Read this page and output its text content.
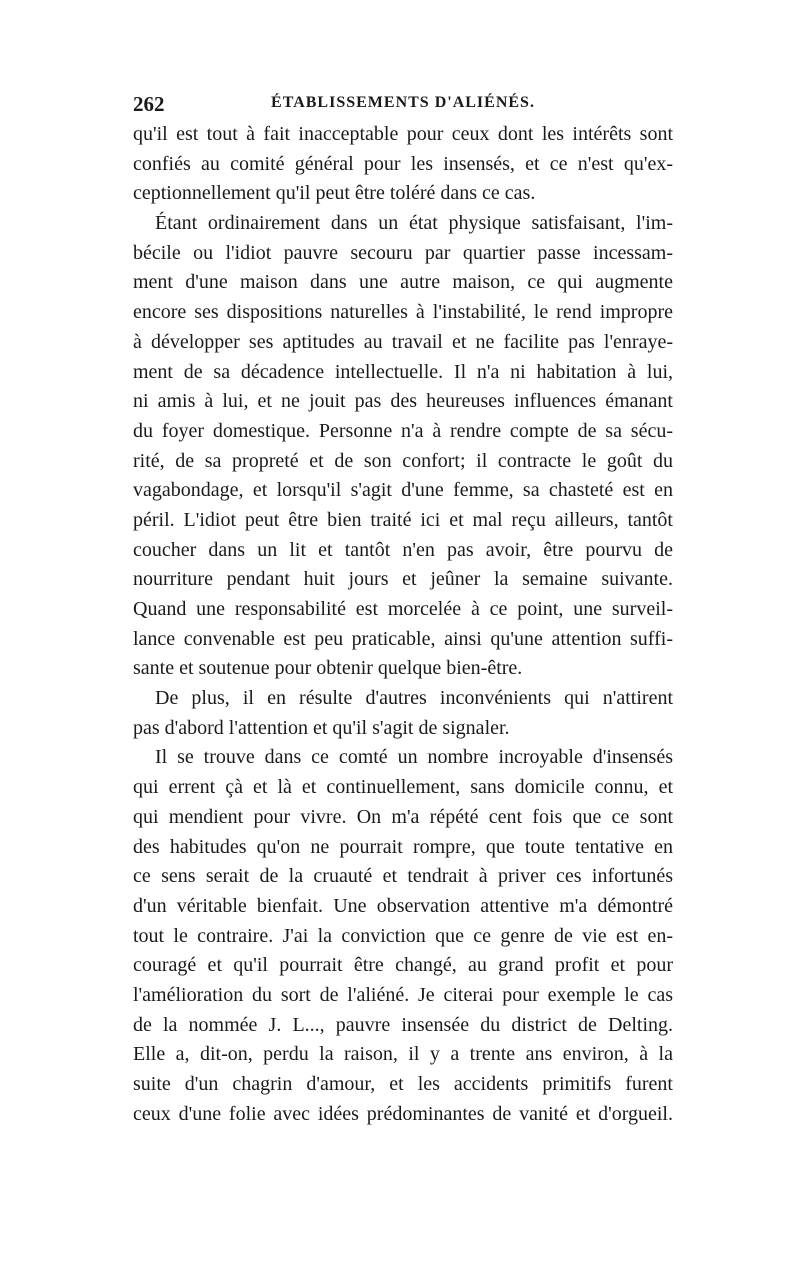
262	ÉTABLISSEMENTS D'ALIÉNÉS.
qu'il est tout à fait inacceptable pour ceux dont les intérêts sont
confiés au comité général pour les insensés, et ce n'est qu'ex-
ceptionnellement qu'il peut être toléré dans ce cas.
Étant ordinairement dans un état physique satisfaisant, l'im-
bécile ou l'idiot pauvre secouru par quartier passe incessam-
ment d'une maison dans une autre maison, ce qui augmente
encore ses dispositions naturelles à l'instabilité, le rend impropre
à développer ses aptitudes au travail et ne facilite pas l'enraye-
ment de sa décadence intellectuelle. Il n'a ni habitation à lui,
ni amis à lui, et ne jouit pas des heureuses influences émanant
du foyer domestique. Personne n'a à rendre compte de sa sécu-
rité, de sa propreté et de son confort; il contracte le goût du
vagabondage, et lorsqu'il s'agit d'une femme, sa chasteté est en
péril. L'idiot peut être bien traité ici et mal reçu ailleurs, tantôt
coucher dans un lit et tantôt n'en pas avoir, être pourvu de
nourriture pendant huit jours et jeûner la semaine suivante.
Quand une responsabilité est morcelée à ce point, une surveil-
lance convenable est peu praticable, ainsi qu'une attention suffi-
sante et soutenue pour obtenir quelque bien-être.
De plus, il en résulte d'autres inconvénients qui n'attirent
pas d'abord l'attention et qu'il s'agit de signaler.
Il se trouve dans ce comté un nombre incroyable d'insensés
qui errent çà et là et continuellement, sans domicile connu, et
qui mendient pour vivre. On m'a répété cent fois que ce sont
des habitudes qu'on ne pourrait rompre, que toute tentative en
ce sens serait de la cruauté et tendrait à priver ces infortunés
d'un véritable bienfait. Une observation attentive m'a démontré
tout le contraire. J'ai la conviction que ce genre de vie est en-
couragé et qu'il pourrait être changé, au grand profit et pour
l'amélioration du sort de l'aliéné. Je citerai pour exemple le cas
de la nommée J. L..., pauvre insensée du district de Delting.
Elle a, dit-on, perdu la raison, il y a trente ans environ, à la
suite d'un chagrin d'amour, et les accidents primitifs furent
ceux d'une folie avec idées prédominantes de vanité et d'orgueil.
